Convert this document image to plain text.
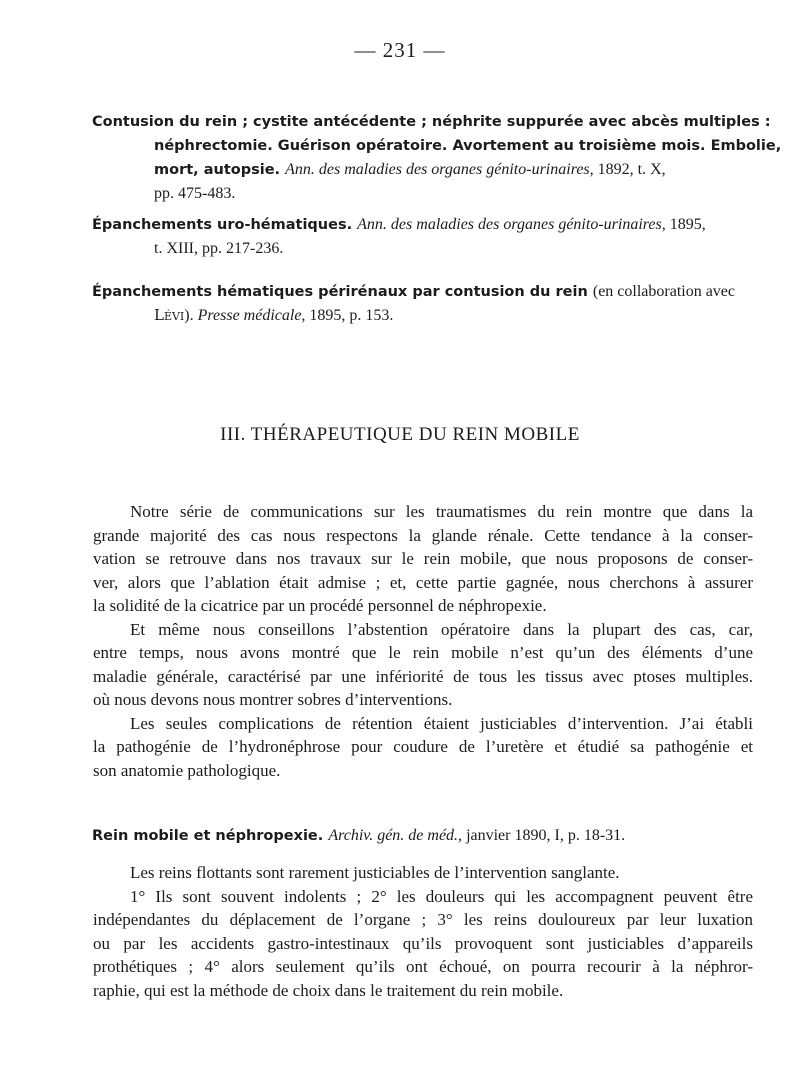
— 231 —
Contusion du rein ; cystite antécédente ; néphrite suppurée avec abcès multiples :
néphrectomie. Guérison opératoire. Avortement au troisième mois. Embolie,
mort, autopsie. Ann. des maladies des organes génito-urinaires, 1892, t. X,
pp. 475-483.
Épanchements uro-hématiques. Ann. des maladies des organes génito-urinaires, 1895,
t. XIII, pp. 217-236.
Épanchements hématiques périrénaux par contusion du rein (en collaboration avec
Lévi). Presse médicale, 1895, p. 153.
III. THÉRAPEUTIQUE DU REIN MOBILE
Notre série de communications sur les traumatismes du rein montre que dans la
grande majorité des cas nous respectons la glande rénale. Cette tendance à la conser-
vation se retrouve dans nos travaux sur le rein mobile, que nous proposons de conser-
ver, alors que l’ablation était admise ; et, cette partie gagnée, nous cherchons à assurer
la solidité de la cicatrice par un procédé personnel de néphropexie.
Et même nous conseillons l’abstention opératoire dans la plupart des cas, car,
entre temps, nous avons montré que le rein mobile n’est qu’un des éléments d’une
maladie générale, caractérisé par une infériorité de tous les tissus avec ptoses multiples.
où nous devons nous montrer sobres d’interventions.
Les seules complications de rétention étaient justiciables d’intervention. J’ai établi
la pathogénie de l’hydronéphrose pour coudure de l’uretère et étudié sa pathogénie et
son anatomie pathologique.
Rein mobile et néphropexie. Archiv. gén. de méd., janvier 1890, I, p. 18-31.
Les reins flottants sont rarement justiciables de l’intervention sanglante.
1° Ils sont souvent indolents ; 2° les douleurs qui les accompagnent peuvent être
indépendantes du déplacement de l’organe ; 3° les reins douloureux par leur luxation
ou par les accidents gastro-intestinaux qu’ils provoquent sont justiciables d’appareils
prothétiques ; 4° alors seulement qu’ils ont échoué, on pourra recourir à la néphror-
raphie, qui est la méthode de choix dans le traitement du rein mobile.
